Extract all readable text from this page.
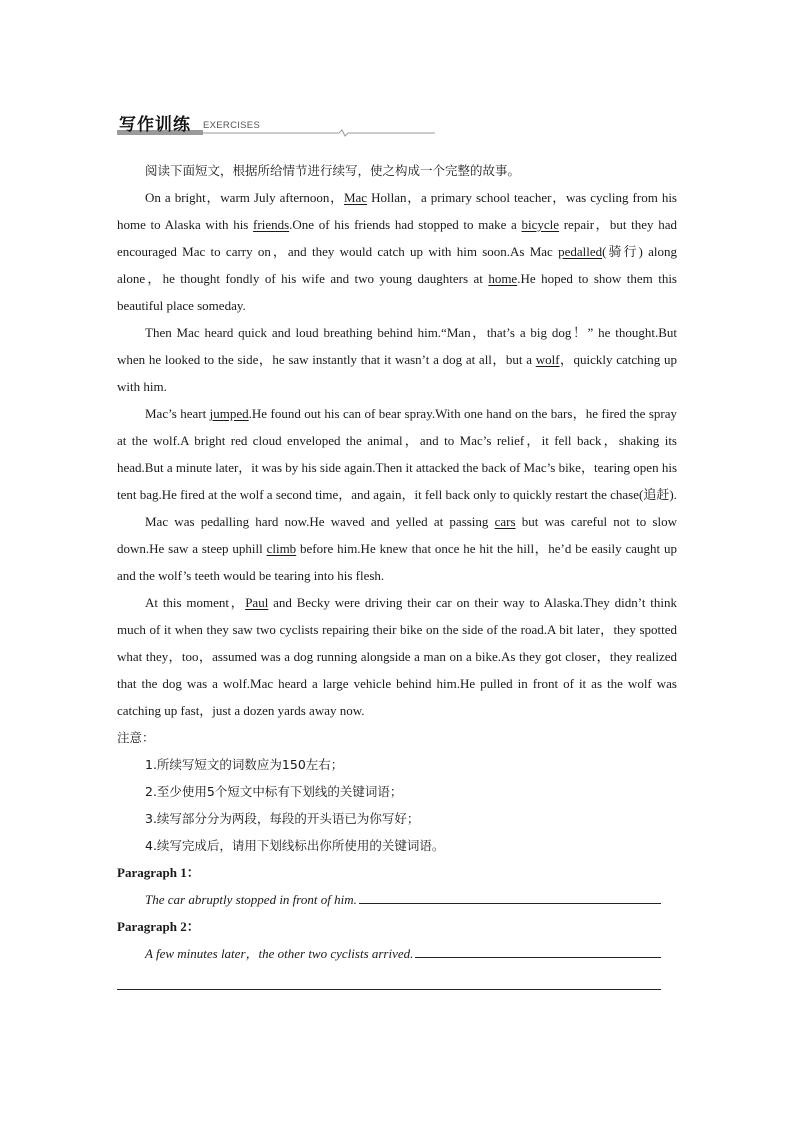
写作训练 EXERCISES

阅读下面短文，根据所给情节进行续写，使之构成一个完整的故事。

On a bright，warm July afternoon，Mac Hollan，a primary school teacher，was cycling from his home to Alaska with his friends.One of his friends had stopped to make a bicycle repair，but they had encouraged Mac to carry on，and they would catch up with him soon.As Mac pedalled(骑行) along alone，he thought fondly of his wife and two young daughters at home.He hoped to show them this beautiful place someday.

Then Mac heard quick and loud breathing behind him.“Man，that’s a big dog！” he thought.But when he looked to the side，he saw instantly that it wasn’t a dog at all，but a wolf，quickly catching up with him.

Mac’s heart jumped.He found out his can of bear spray.With one hand on the bars，he fired the spray at the wolf.A bright red cloud enveloped the animal，and to Mac’s relief，it fell back，shaking its head.But a minute later，it was by his side again.Then it attacked the back of Mac’s bike，tearing open his tent bag.He fired at the wolf a second time，and again，it fell back only to quickly restart the chase(追赶).

Mac was pedalling hard now.He waved and yelled at passing cars but was careful not to slow down.He saw a steep uphill climb before him.He knew that once he hit the hill，he’d be easily caught up and the wolf’s teeth would be tearing into his flesh.

At this moment，Paul and Becky were driving their car on their way to Alaska.They didn’t think much of it when they saw two cyclists repairing their bike on the side of the road.A bit later，they spotted what they，too，assumed was a dog running alongside a man on a bike.As they got closer，they realized that the dog was a wolf.Mac heard a large vehicle behind him.He pulled in front of it as the wolf was catching up fast，just a dozen yards away now.

注意：

1.所续写短文的词数应为150左右；

2.至少使用5个短文中标有下划线的关键词语；

3.续写部分分为两段，每段的开头语已为你写好；

4.续写完成后，请用下划线标出你所使用的关键词语。

Paragraph 1：

The car abruptly stopped in front of him.

Paragraph 2：

A few minutes later，the other two cyclists arrived.
